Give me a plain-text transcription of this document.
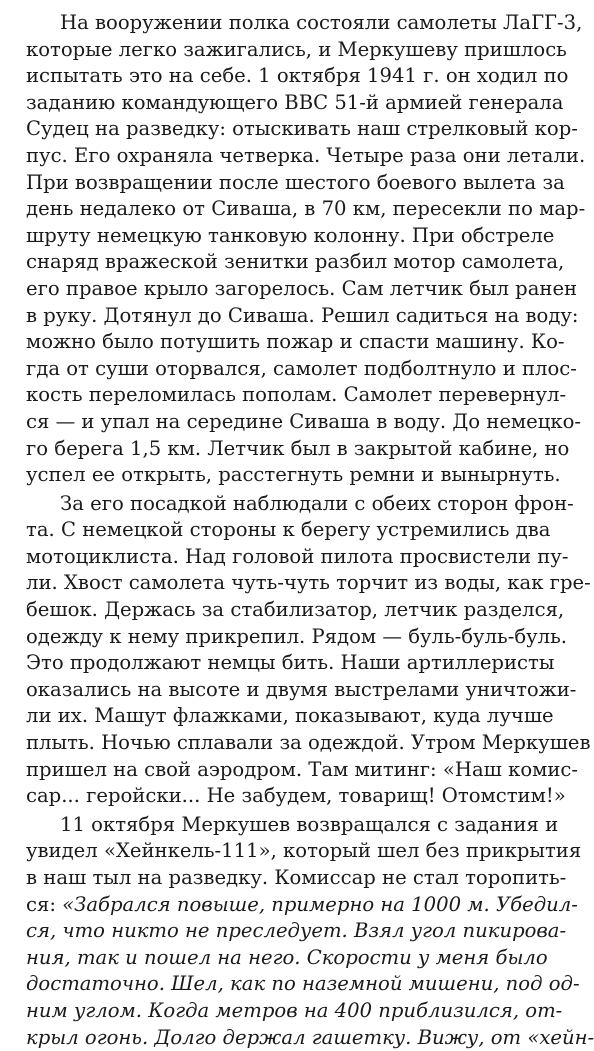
На вооружении полка состояли самолеты ЛаГГ-3,
которые легко зажигались, и Меркушеву пришлось
испытать это на себе. 1 октября 1941 г. он ходил по
заданию командующего ВВС 51-й армией генерала
Судец на разведку: отыскивать наш стрелковый кор-
пус. Его охраняла четверка. Четыре раза они летали.
При возвращении после шестого боевого вылета за
день недалеко от Сиваша, в 70 км, пересекли по мар-
шруту немецкую танковую колонну. При обстреле
снаряд вражеской зенитки разбил мотор самолета,
его правое крыло загорелось. Сам летчик был ранен
в руку. Дотянул до Сиваша. Решил садиться на воду:
можно было потушить пожар и спасти машину. Ко-
гда от суши оторвался, самолет подболтнуло и плос-
кость переломилась пополам. Самолет перевернул-
ся — и упал на середине Сиваша в воду. До немецко-
го берега 1,5 км. Летчик был в закрытой кабине, но
успел ее открыть, расстегнуть ремни и вынырнуть.
За его посадкой наблюдали с обеих сторон фрон-
та. С немецкой стороны к берегу устремились два
мотоциклиста. Над головой пилота просвистели пу-
ли. Хвост самолета чуть-чуть торчит из воды, как гре-
бешок. Держась за стабилизатор, летчик разделся,
одежду к нему прикрепил. Рядом — буль-буль-буль.
Это продолжают немцы бить. Наши артиллеристы
оказались на высоте и двумя выстрелами уничтожи-
ли их. Машут флажками, показывают, куда лучше
плыть. Ночью сплавали за одеждой. Утром Меркушев
пришел на свой аэродром. Там митинг: «Наш комис-
сар... геройски... Не забудем, товарищ! Отомстим!»
11 октября Меркушев возвращался с задания и
увидел «Хейнкель-111», который шел без прикрытия
в наш тыл на разведку. Комиссар не стал торопить-
ся: «Забрался повыше, примерно на 1000 м. Убедил-
ся, что никто не преследует. Взял угол пикирова-
ния, так и пошел на него. Скорости у меня было
достаточно. Шел, как по наземной мишени, под од-
ним углом. Когда метров на 400 приблизился, от-
крыл огонь. Долго держал гашетку. Вижу, от «хейн-
